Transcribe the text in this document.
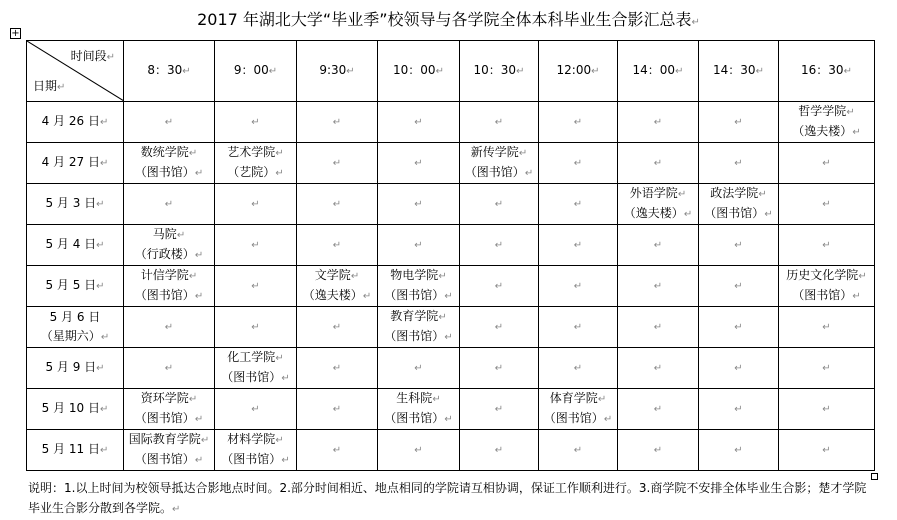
2017 年湖北大学“毕业季”校领导与各学院全体本科毕业生合影汇总表↵
+
时间段↵
日期↵	8：30↵	9：00↵	9:30↵	10：00↵	10：30↵	12:00↵	14：00↵	14：30↵	16：30↵

4 月 26 日↵	↵	↵	↵	↵	↵	↵	↵	↵	哲学学院↵
（逸夫楼）↵

4 月 27 日↵	数统学院↵
（图书馆）↵	艺术学院↵
（艺院）↵	↵	↵	新传学院↵
（图书馆）↵	↵	↵	↵	↵

5 月 3 日↵	↵	↵	↵	↵	↵	↵	外语学院↵
（逸夫楼）↵	政法学院↵
（图书馆）↵	↵

5 月 4 日↵	马院↵
（行政楼）↵	↵	↵	↵	↵	↵	↵	↵	↵

5 月 5 日↵	计信学院↵
（图书馆）↵	↵	文学院↵
（逸夫楼）↵	物电学院↵
（图书馆）↵	↵	↵	↵	↵	历史文化学院↵
（图书馆）↵

5 月 6 日
（星期六）↵	↵	↵	↵	教育学院↵
（图书馆）↵	↵	↵	↵	↵	↵

5 月 9 日↵	↵	化工学院↵
（图书馆）↵	↵	↵	↵	↵	↵	↵	↵

5 月 10 日↵	资环学院↵
（图书馆）↵	↵	↵	生科院↵
（图书馆）↵	↵	体育学院↵
（图书馆）↵	↵	↵	↵

5 月 11 日↵	国际教育学院↵
（图书馆）↵	材料学院↵
（图书馆）↵	↵	↵	↵	↵	↵	↵	↵
说明：1.以上时间为校领导抵达合影地点时间。2.部分时间相近、地点相同的学院请互相协调，保证工作顺利进行。3.商学院不安排全体毕业生合影；楚才学院毕业生合影分散到各学院。↵
